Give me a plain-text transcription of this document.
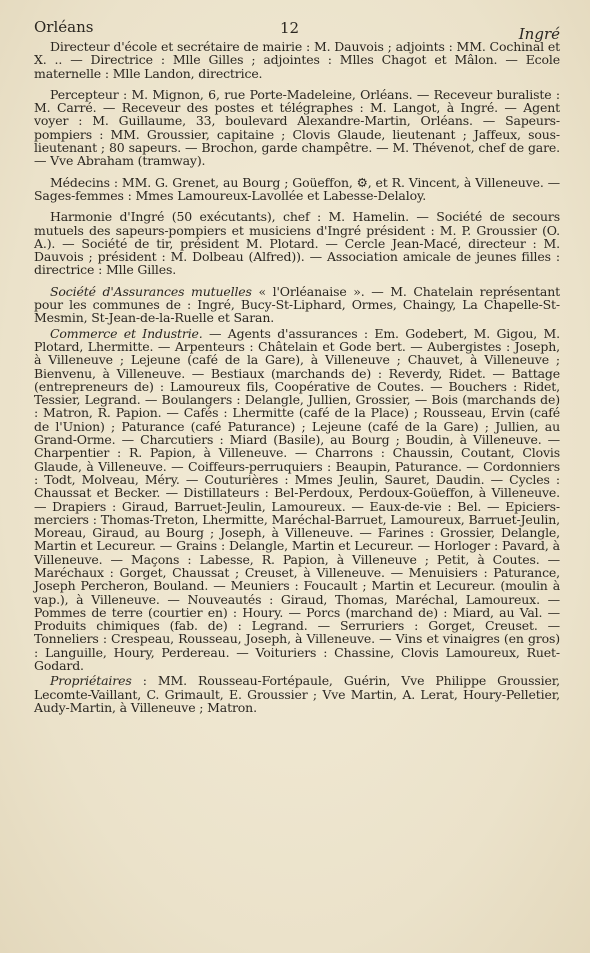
Orléans	12	Ingré

Directeur d'école et secrétaire de mairie : M. Dauvois ; adjoints : MM. Cochinal et X. .. — Directrice : Mlle Gilles ; adjointes : Mlles Chagot et Mâlon. — Ecole maternelle : Mlle Landon, directrice.

Percepteur : M. Mignon, 6, rue Porte-Madeleine, Orléans. — Receveur buraliste : M. Carré. — Receveur des postes et télégraphes : M. Langot, à Ingré. — Agent voyer : M. Guillaume, 33, boulevard Alexandre-Martin, Orléans. — Sapeurs-pompiers : MM. Groussier, capitaine ; Clovis Glaude, lieutenant ; Jaffeux, sous-lieutenant ; 80 sapeurs. — Brochon, garde champêtre. — M. Thévenot, chef de gare. — Vve Abraham (tramway).

Médecins : MM. G. Grenet, au Bourg ; Goüeffon, ⚙, et R. Vincent, à Villeneuve. — Sages-femmes : Mmes Lamoureux-Lavollée et Labesse-Delaloy.

Harmonie d'Ingré (50 exécutants), chef : M. Hamelin. — Société de secours mutuels des sapeurs-pompiers et musiciens d'Ingré président : M. P. Groussier (O. A.). — Société de tir, président M. Plotard. — Cercle Jean-Macé, directeur : M. Dauvois ; président : M. Dolbeau (Alfred)). — Association amicale de jeunes filles : directrice : Mlle Gilles.

Société d'Assurances mutuelles « l'Orléanaise ». — M. Chatelain représentant pour les communes de : Ingré, Bucy-St-Liphard, Ormes, Chaingy, La Chapelle-St-Mesmin, St-Jean-de-la-Ruelle et Saran.

Commerce et Industrie. — Agents d'assurances : Em. Godebert, M. Gigou, M. Plotard, Lhermitte. — Arpenteurs : Châtelain et Gode bert. — Aubergistes : Joseph, à Villeneuve ; Lejeune (café de la Gare), à Villeneuve ; Chauvet, à Villeneuve ; Bienvenu, à Villeneuve. — Bestiaux (marchands de) : Reverdy, Ridet. — Battage (entrepreneurs de) : Lamoureux fils, Coopérative de Coutes. — Bouchers : Ridet, Tessier, Legrand. — Boulangers : Delangle, Jullien, Grossier, — Bois (marchands de) : Matron, R. Papion. — Cafés : Lhermitte (café de la Place) ; Rousseau, Ervin (café de l'Union) ; Paturance (café Paturance) ; Lejeune (café de la Gare) ; Jullien, au Grand-Orme. — Charcutiers : Miard (Basile), au Bourg ; Boudin, à Villeneuve. — Charpentier : R. Papion, à Villeneuve. — Charrons : Chaussin, Coutant, Clovis Glaude, à Villeneuve. — Coiffeurs-perruquiers : Beaupin, Paturance. — Cordonniers : Todt, Molveau, Méry. — Couturières : Mmes Jeulin, Sauret, Daudin. — Cycles : Chaussat et Becker. — Distillateurs : Bel-Perdoux, Perdoux-Goüeffon, à Villeneuve. — Drapiers : Giraud, Barruet-Jeulin, Lamoureux. — Eaux-de-vie : Bel. — Epiciers-merciers : Thomas-Treton, Lhermitte, Maréchal-Barruet, Lamoureux, Barruet-Jeulin, Moreau, Giraud, au Bourg ; Joseph, à Villeneuve. — Farines : Grossier, Delangle, Martin et Lecureur. — Grains : Delangle, Martin et Lecureur. — Horloger : Pavard, à Villeneuve. — Maçons : Labesse, R. Papion, à Villeneuve ; Petit, à Coutes. — Maréchaux : Gorget, Chaussat ; Creuset, à Villeneuve. — Menuisiers : Paturance, Joseph Percheron, Bouland. — Meuniers : Foucault ; Martin et Lecureur. (moulin à vap.), à Villeneuve. — Nouveautés : Giraud, Thomas, Maréchal, Lamoureux. — Pommes de terre (courtier en) : Houry. — Porcs (marchand de) : Miard, au Val. — Produits chimiques (fab. de) : Legrand. — Serruriers : Gorget, Creuset. — Tonneliers : Crespeau, Rousseau, Joseph, à Villeneuve. — Vins et vinaigres (en gros) : Languille, Houry, Perdereau. — Voituriers : Chassine, Clovis Lamoureux, Ruet-Godard.

Propriétaires : MM. Rousseau-Fortépaule, Guérin, Vve Philippe Groussier, Lecomte-Vaillant, C. Grimault, E. Groussier ; Vve Martin, A. Lerat, Houry-Pelletier, Audy-Martin, à Villeneuve ; Matron.
